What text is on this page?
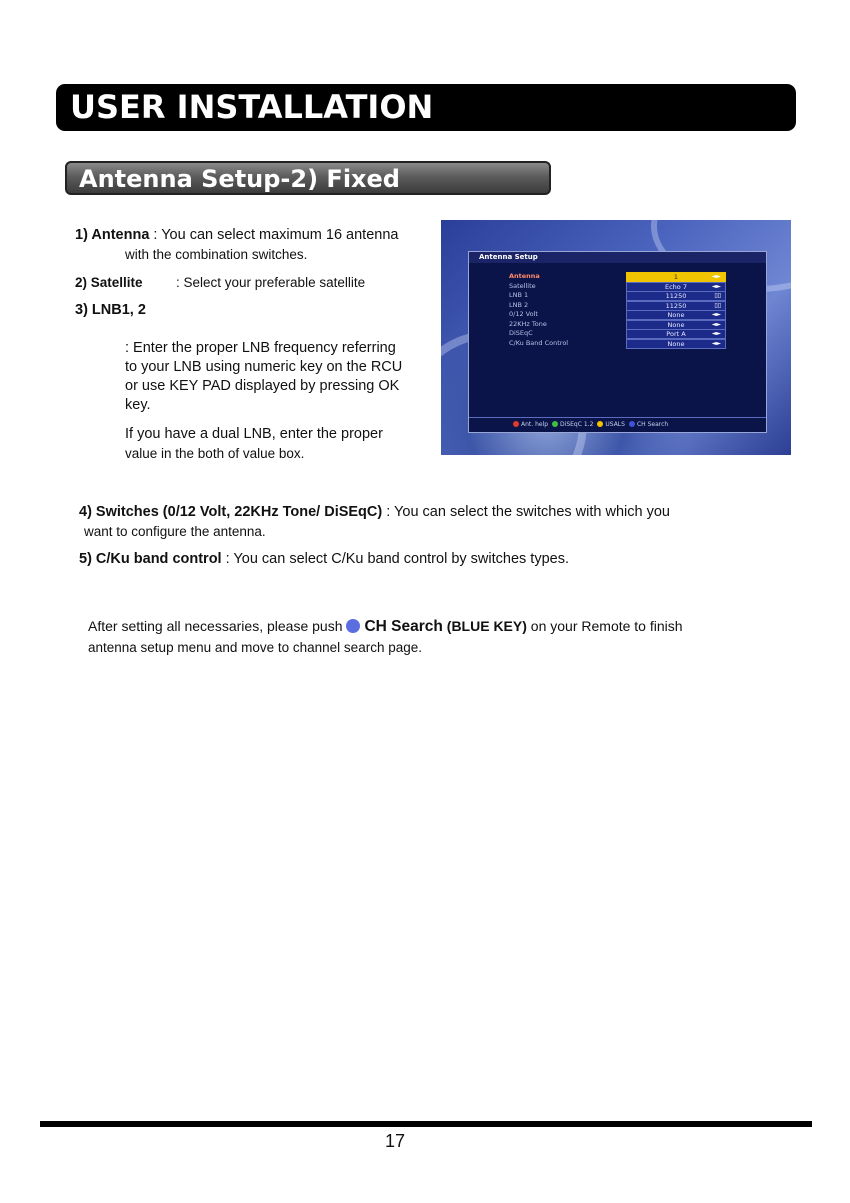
USER INSTALLATION
Antenna Setup-2) Fixed
1) Antenna : You can select maximum 16 antenna
with the combination switches.
2) Satellite : Select your preferable satellite
3) LNB1, 2
: Enter the proper LNB frequency referring
to your LNB using numeric key on the RCU
or use KEY PAD displayed by pressing OK
key.
If you have a dual LNB, enter the proper
value in the both of value box.
Antenna Setup
Antenna	1	◄►
Satellite	Echo 7	◄►
LNB 1	11250	▯▯
LNB 2	11250	▯▯
0/12 Volt	None	◄►
22KHz Tone	None	◄►
DiSEqC	Port A	◄►
C/Ku Band Control	None	◄►
Ant. help DiSEqC 1.2 USALS CH Search
4) Switches (0/12 Volt, 22KHz Tone/ DiSEqC) : You can select the switches with which you
want to configure the antenna.
5) C/Ku band control : You can select C/Ku band control by switches types.
After setting all necessaries, please push CH Search (BLUE KEY) on your Remote to finish
antenna setup menu and move to channel search page.
17
